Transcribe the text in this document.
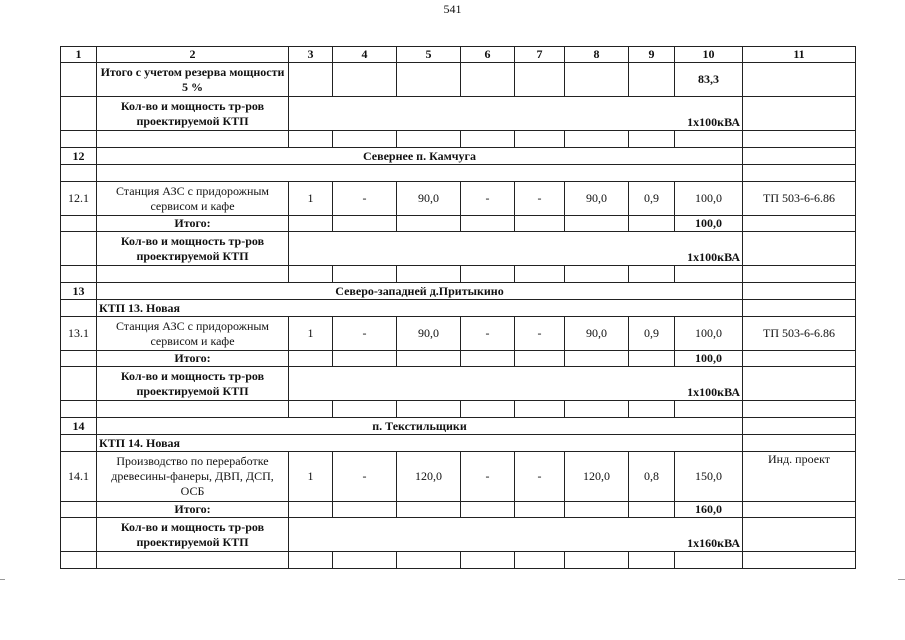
541
1	2	3	4	5	6	7	8	9	10	11
	Итого с учетом резерва мощности 5 %								83,3	
	Кол-во и мощность тр-ров проектируемой КТП	1х100кВА								

12	Севернее п. Камчуга									

12.1	Станция АЗС с придорожным сервисом и кафе	1	-	90,0	-	-	90,0	0,9	100,0	ТП 503-6-6.86
	Итого:								100,0	
	Кол-во и мощность тр-ров проектируемой КТП	1х100кВА								

13	Северо-западней д.Притыкино									
	КТП 13. Новая									
13.1	Станция АЗС с придорожным сервисом и кафе	1	-	90,0	-	-	90,0	0,9	100,0	ТП 503-6-6.86
	Итого:								100,0	
	Кол-во и мощность тр-ров проектируемой КТП	1х100кВА								

14	п. Текстильщики									
	КТП 14. Новая									
14.1	Производство по переработке древесины-фанеры, ДВП, ДСП, ОСБ	1	-	120,0	-	-	120,0	0,8	150,0	Инд. проект
	Итого:								160,0	
	Кол-во и мощность тр-ров проектируемой КТП	1х160кВА								
